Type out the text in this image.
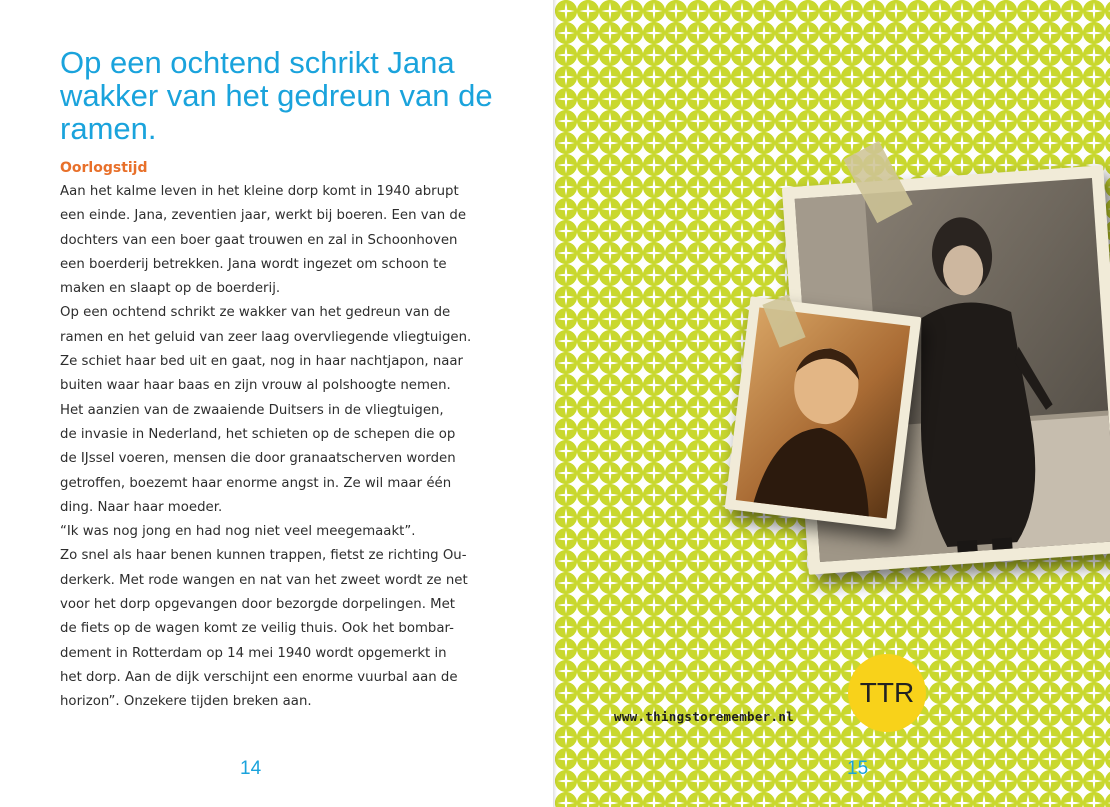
Op een ochtend schrikt Jana wakker van het gedreun van de ramen.
Oorlogstijd
Aan het kalme leven in het kleine dorp komt in 1940 abrupt
een einde. Jana, zeventien jaar, werkt bij boeren. Een van de
dochters van een boer gaat trouwen en zal in Schoonhoven
een boerderij betrekken. Jana wordt ingezet om schoon te
maken en slaapt op de boerderij.
Op een ochtend schrikt ze wakker van het gedreun van de
ramen en het geluid van zeer laag overvliegende vliegtuigen.
Ze schiet haar bed uit en gaat, nog in haar nachtjapon, naar
buiten waar haar baas en zijn vrouw al polshoogte nemen.
Het aanzien van de zwaaiende Duitsers in de vliegtuigen,
de invasie in Nederland, het schieten op de schepen die op
de IJssel voeren, mensen die door granaatscherven worden
getroffen, boezemt haar enorme angst in. Ze wil maar één
ding. Naar haar moeder.
“Ik was nog jong en had nog niet veel meegemaakt”.
Zo snel als haar benen kunnen trappen, fietst ze richting Ou-
derkerk. Met rode wangen en nat van het zweet wordt ze net
voor het dorp opgevangen door bezorgde dorpelingen. Met
de fiets op de wagen komt ze veilig thuis. Ook het bombar-
dement in Rotterdam op 14 mei 1940 wordt opgemerkt in
het dorp. Aan de dijk verschijnt een enorme vuurbal aan de
horizon”. Onzekere tijden breken aan.	TTR
www.thingstoremember.nl
14	15
